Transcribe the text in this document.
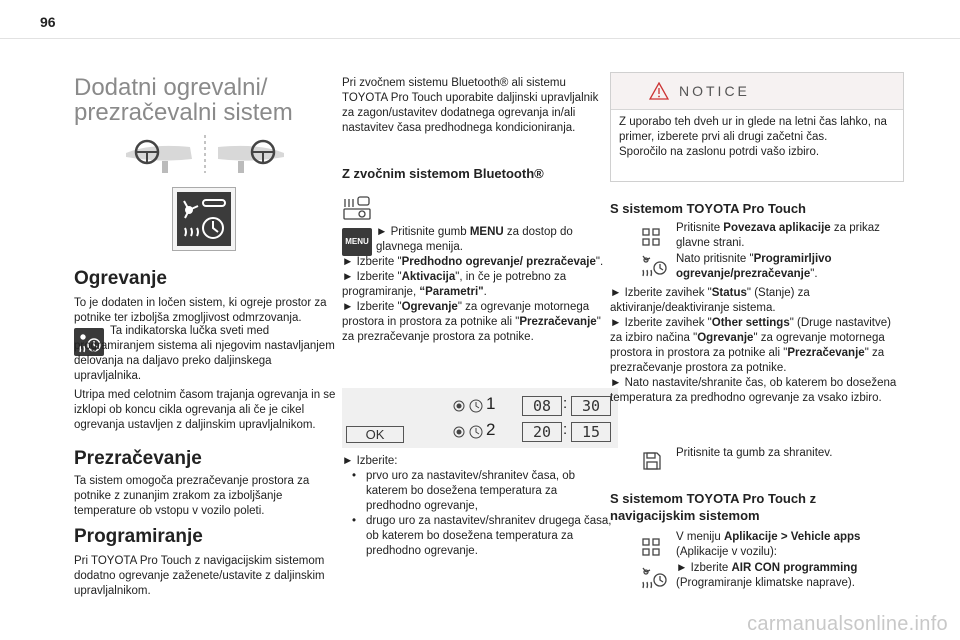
96
Dodatni ogrevalni/
prezračevalni sistem
Ogrevanje
To je dodaten in ločen sistem, ki ogreje prostor za potnike ter izboljša zmogljivost odmrzovanja.
Ta indikatorska lučka sveti med programiranjem sistema ali njegovim nastavljanjem delovanja na daljavo preko daljinskega upravljalnika.
Utripa med celotnim časom trajanja ogrevanja in se izklopi ob koncu cikla ogrevanja ali če je cikel ogrevanja ustavljen z daljinskim upravljalnikom.
Prezračevanje
Ta sistem omogoča prezračevanje prostora za potnike z zunanjim zrakom za izboljšanje temperature ob vstopu v vozilo poleti.
Programiranje
Pri TOYOTA Pro Touch z navigacijskim sistemom dodatno ogrevanje zaženete/ustavite z daljinskim upravljalnikom.
Pri zvočnem sistemu Bluetooth® ali sistemu TOYOTA Pro Touch uporabite daljinski upravljalnik za zagon/ustavitev dodatnega ogrevanja in/ali nastavitev časa predhodnega kondicioniranja.
Z zvočnim sistemom Bluetooth®
MENU
► Pritisnite gumb MENU za dostop do glavnega menija.
► Izberite "Predhodno ogrevanje/ prezračevaje".
► Izberite "Aktivacija", in če je potrebno za programiranje, “Parametri".
► Izberite "Ogrevanje" za ogrevanje motornega prostora in prostora za potnike ali "Prezračevanje" za prezračevanje prostora za potnike.
1	08 : 30
OK	2	20 : 15
► Izberite:
• prvo uro za nastavitev/shranitev časa, ob katerem bo dosežena temperatura za predhodno ogrevanje,
• drugo uro za nastavitev/shranitev drugega časa, ob katerem bo dosežena temperatura za predhodno ogrevanje.
NOTICE
Z uporabo teh dveh ur in glede na letni čas lahko, na primer, izberete prvi ali drugi začetni čas.
Sporočilo na zaslonu potrdi vašo izbiro.
S sistemom TOYOTA Pro Touch
Pritisnite Povezava aplikacije za prikaz glavne strani.
Nato pritisnite "Programirljivo ogrevanje/prezračevanje".
► Izberite zavihek "Status" (Stanje) za aktiviranje/deaktiviranje sistema.
► Izberite zavihek "Other settings" (Druge nastavitve) za izbiro načina "Ogrevanje" za ogrevanje motornega prostora in prostora za potnike ali "Prezračevanje" za prezračevanje prostora za potnike.
► Nato nastavite/shranite čas, ob katerem bo dosežena temperatura za predhodno ogrevanje za vsako izbiro.
Pritisnite ta gumb za shranitev.
S sistemom TOYOTA Pro Touch z navigacijskim sistemom
V meniju Aplikacije > Vehicle apps (Aplikacije v vozilu):
► Izberite AIR CON programming (Programiranje klimatske naprave).
carmanualsonline.info
